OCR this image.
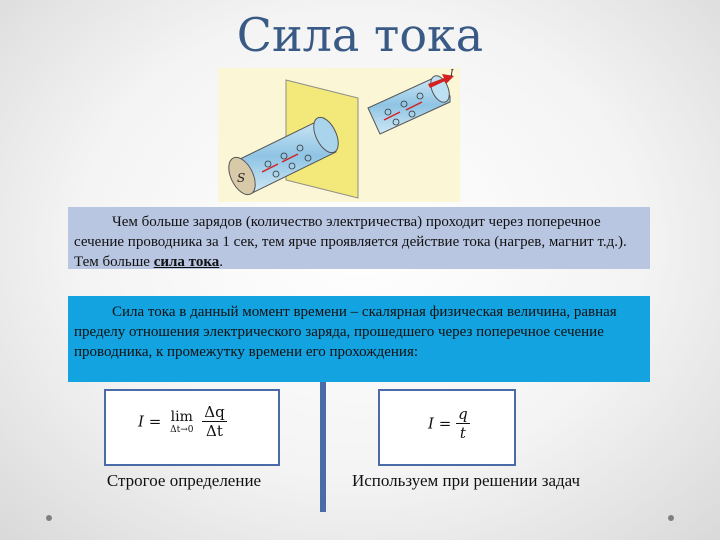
Сила тока
S
I
Чем больше зарядов (количество электричества) проходит через поперечное сечение проводника за 1 сек, тем ярче проявляется действие тока (нагрев, магнит т.д.). Тем больше сила тока.
Сила тока в данный момент времени – скалярная физическая величина, равная пределу отношения электрического заряда, прошедшего через поперечное сечение проводника, к промежутку времени его прохождения:
I = lim
Δt→0
$\frac{\Delta q}{\Delta t}$	$I = \frac{q}{t}$
Строгое определение	Используем при решении задач
